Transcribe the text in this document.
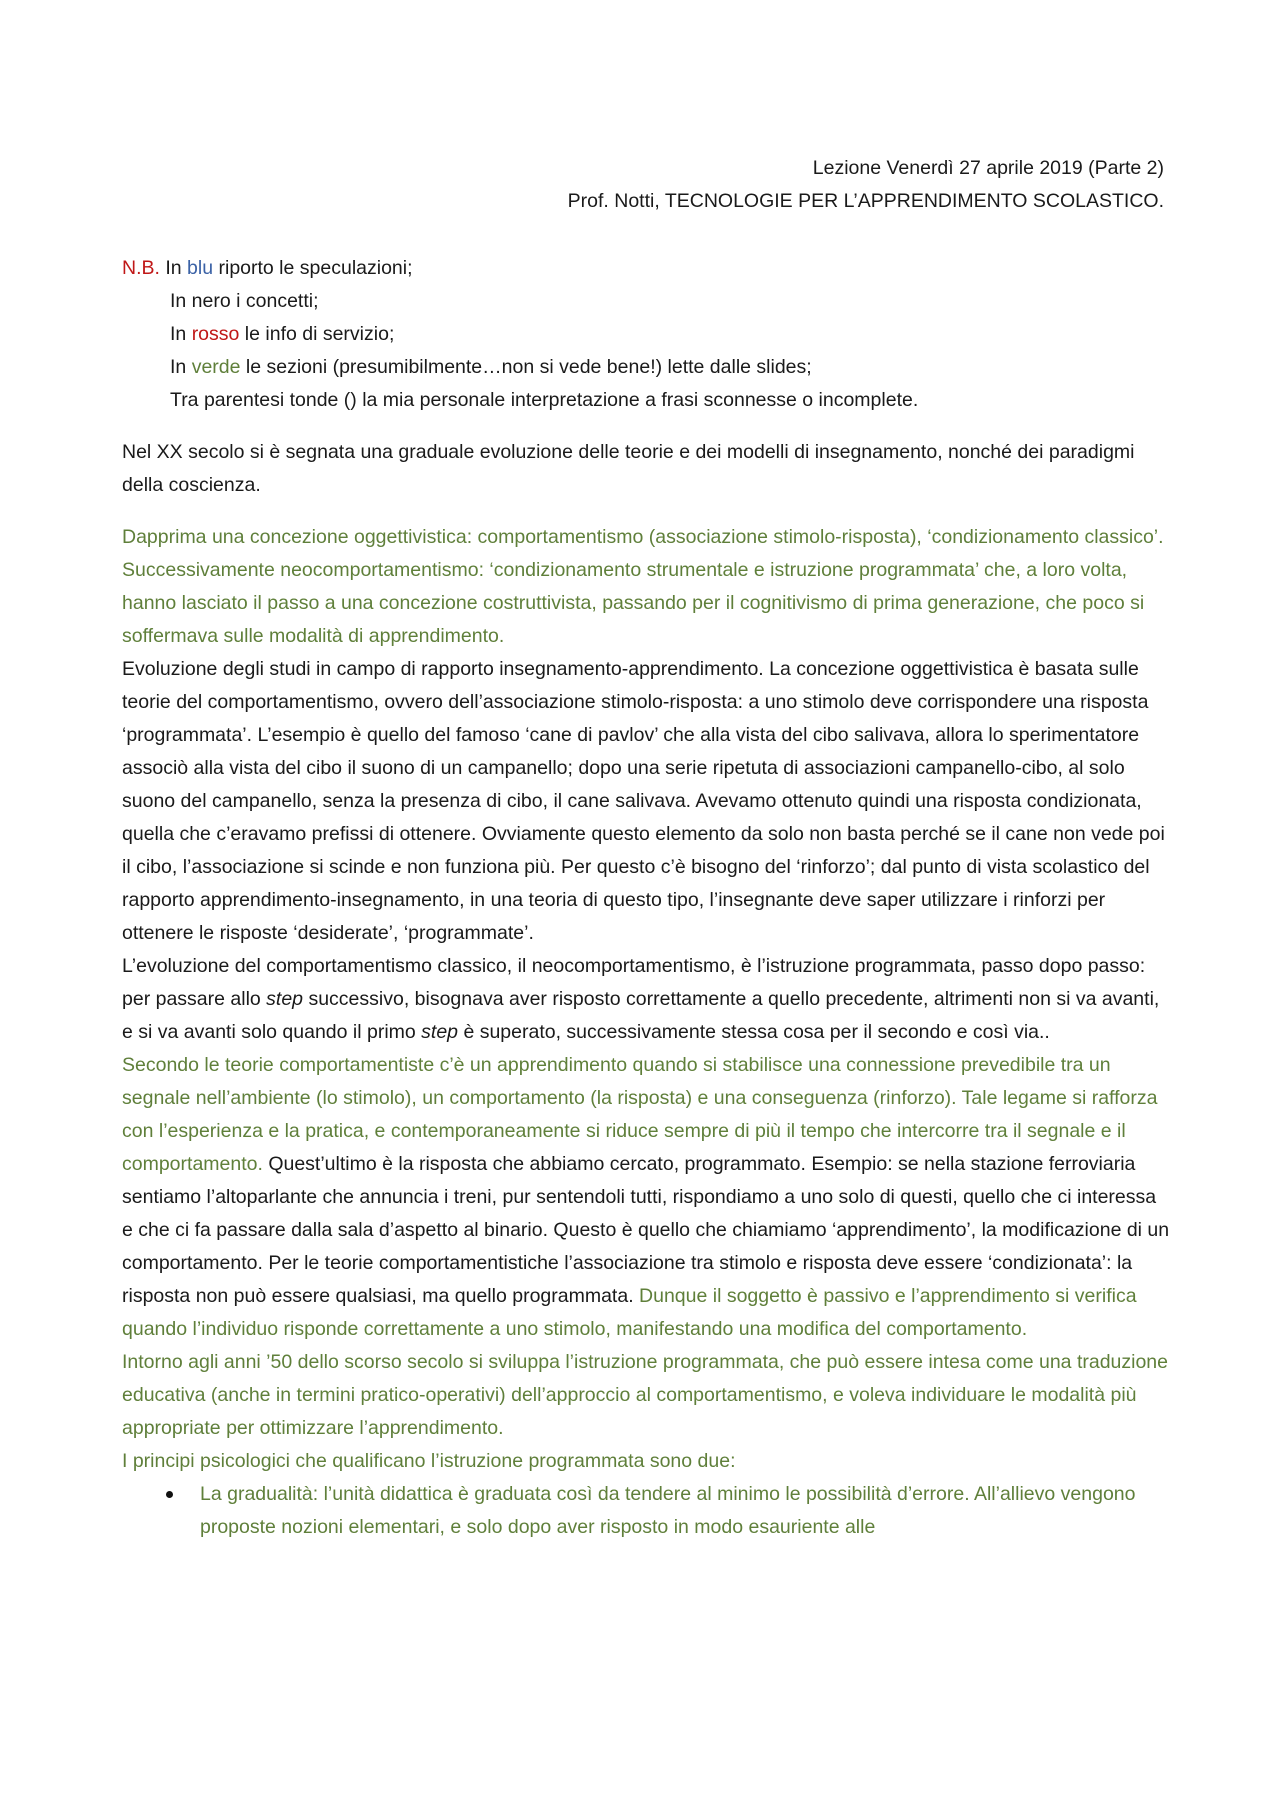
Lezione Venerdì 27 aprile 2019 (Parte 2)
Prof. Notti, TECNOLOGIE PER L’APPRENDIMENTO SCOLASTICO.
N.B. In blu riporto le speculazioni;
In nero i concetti;
In rosso le info di servizio;
In verde le sezioni (presumibilmente…non si vede bene!) lette dalle slides;
Tra parentesi tonde () la mia personale interpretazione a frasi sconnesse o incomplete.

Nel XX secolo si è segnata una graduale evoluzione delle teorie e dei modelli di insegnamento, nonché dei paradigmi della coscienza.

Dapprima una concezione oggettivistica: comportamentismo (associazione stimolo-risposta), ‘condizionamento classico’. Successivamente neocomportamentismo: ‘condizionamento strumentale e istruzione programmata’ che, a loro volta, hanno lasciato il passo a una concezione costruttivista, passando per il cognitivismo di prima generazione, che poco si soffermava sulle modalità di apprendimento.
Evoluzione degli studi in campo di rapporto insegnamento-apprendimento. La concezione oggettivistica è basata sulle teorie del comportamentismo, ovvero dell’associazione stimolo-risposta: a uno stimolo deve corrispondere una risposta ‘programmata’. L’esempio è quello del famoso ‘cane di pavlov’ che alla vista del cibo salivava, allora lo sperimentatore associò alla vista del cibo il suono di un campanello; dopo una serie ripetuta di associazioni campanello-cibo, al solo suono del campanello, senza la presenza di cibo, il cane salivava. Avevamo ottenuto quindi una risposta condizionata, quella che c’eravamo prefissi di ottenere. Ovviamente questo elemento da solo non basta perché se il cane non vede poi il cibo, l’associazione si scinde e non funziona più. Per questo c’è bisogno del ‘rinforzo’; dal punto di vista scolastico del rapporto apprendimento-insegnamento, in una teoria di questo tipo, l’insegnante deve saper utilizzare i rinforzi per ottenere le risposte ‘desiderate’, ‘programmate’.
L’evoluzione del comportamentismo classico, il neocomportamentismo, è l’istruzione programmata, passo dopo passo: per passare allo step successivo, bisognava aver risposto correttamente a quello precedente, altrimenti non si va avanti, e si va avanti solo quando il primo step è superato, successivamente stessa cosa per il secondo e così via..
Secondo le teorie comportamentiste c’è un apprendimento quando si stabilisce una connessione prevedibile tra un segnale nell’ambiente (lo stimolo), un comportamento (la risposta) e una conseguenza (rinforzo). Tale legame si rafforza con l’esperienza e la pratica, e contemporaneamente si riduce sempre di più il tempo che intercorre tra il segnale e il comportamento. Quest’ultimo è la risposta che abbiamo cercato, programmato. Esempio: se nella stazione ferroviaria sentiamo l’altoparlante che annuncia i treni, pur sentendoli tutti, rispondiamo a uno solo di questi, quello che ci interessa e che ci fa passare dalla sala d’aspetto al binario. Questo è quello che chiamiamo ‘apprendimento’, la modificazione di un comportamento. Per le teorie comportamentistiche l’associazione tra stimolo e risposta deve essere ‘condizionata’: la risposta non può essere qualsiasi, ma quello programmata. Dunque il soggetto è passivo e l’apprendimento si verifica quando l’individuo risponde correttamente a uno stimolo, manifestando una modifica del comportamento.
Intorno agli anni ’50 dello scorso secolo si sviluppa l’istruzione programmata, che può essere intesa come una traduzione educativa (anche in termini pratico-operativi) dell’approccio al comportamentismo, e voleva individuare le modalità più appropriate per ottimizzare l’apprendimento.
I principi psicologici che qualificano l’istruzione programmata sono due:
La gradualità: l’unità didattica è graduata così da tendere al minimo le possibilità d’errore. All’allievo vengono proposte nozioni elementari, e solo dopo aver risposto in modo esauriente alle
